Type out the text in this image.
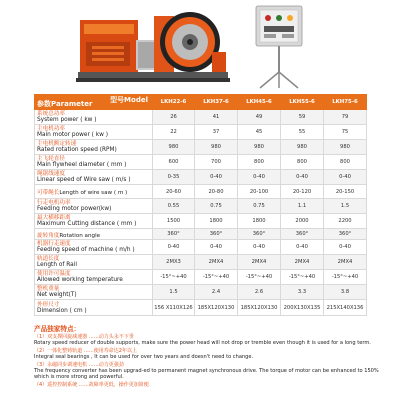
型号Model
参数Parameter	LKH22-6	LKH37-6	LKH45-6	LKH55-6	LKH75-6

系统总功率
System power ( kw )	26	41	49	59	79

主电机功率
Main motor power ( kw )	22	37	45	55	75

主电机额定转速
Rated rotation speed (RPM)	980	980	980	980	980

主飞轮直径
Main flywheel diameter ( mm )	600	700	800	800	800

绳锯线速度
Linear speed of Wire saw ( m/s )	0-35	0-40	0-40	0-40	0-40
可带绳长Length of wire saw ( m )	20-60	20-80	20-100	20-120	20-150

行走电机功率
Feeding motor power(kw)	0.55	0.75	0.75	1.1	1.5

最大横移距离
Maximum Cutting distance ( mm )	1500	1800	1800	2000	2200
旋转角度Rotation angle	360°	360°	360°	360°	360°

机器行走速度
Feeding speed of machine ( m/h )	0-40	0-40	0-40	0-40	0-40

轨道长度
Length of Rail	2MX3	2MX4	2MX4	2MX4	2MX4

使用许可温度
Allowed working temperature	-15°~+40	-15°~+40	-15°~+40	-15°~+40	-15°~+40

整机重量
Net weight(T)	1.5	2.4	2.6	3.3	3.8

外形尺寸
Dimension ( cm )	156 X110X126	185X120X130	185X120X130	200X130X135	215X140X136
产品独家特点：
（1）双支撑回旋减速器 ……动力头永不下垂
Rotary speed reducer of double supports, make sure the power head will not drop or tremble even though it is used for a long term.
（2）一体化整铸轨道 ……使用寿命达2年以上
Integral seal bearings , It can be used for over two years and doesn't need to change.
（3）永磁同步调速电机 ……动力更强劲
The frequency converter has been upgrad-ed to permanent magnet synchronous drive. The torque of motor can be enhanced to 150% which is more strong and powerful.
（4）遥控控制系统 ……故障率更低，操作更加简便
